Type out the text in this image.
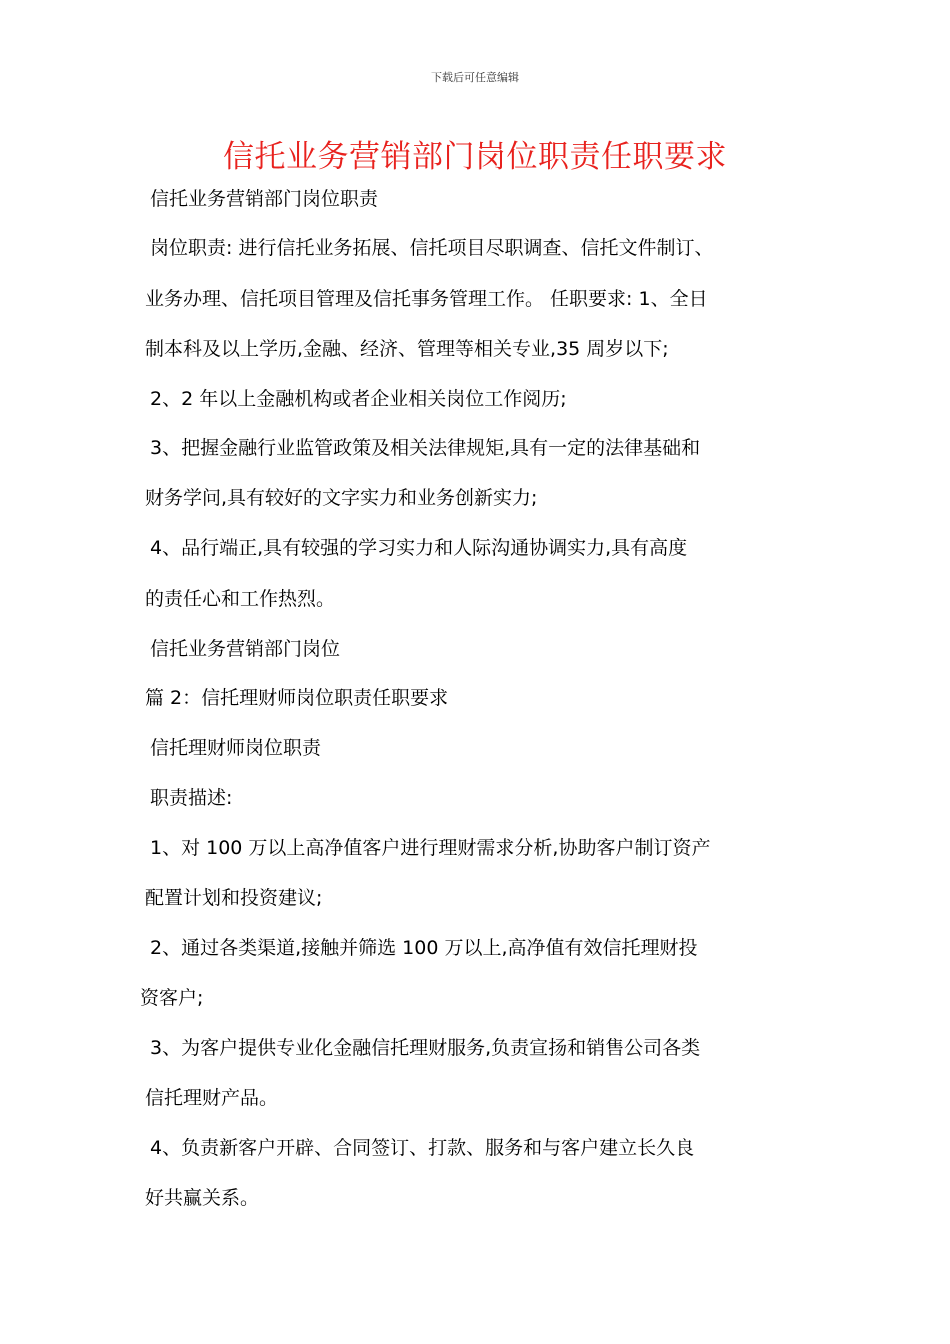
下载后可任意编辑
信托业务营销部门岗位职责任职要求
信托业务营销部门岗位职责
岗位职责: 进行信托业务拓展、信托项目尽职调查、信托文件制订、
业务办理、信托项目管理及信托事务管理工作。 任职要求: 1、全日
制本科及以上学历,金融、经济、管理等相关专业,35 周岁以下;
2、2 年以上金融机构或者企业相关岗位工作阅历;
3、把握金融行业监管政策及相关法律规矩,具有一定的法律基础和
财务学问,具有较好的文字实力和业务创新实力;
4、品行端正,具有较强的学习实力和人际沟通协调实力,具有高度
的责任心和工作热烈。
信托业务营销部门岗位
篇 2：信托理财师岗位职责任职要求
信托理财师岗位职责
职责描述:
1、对 100 万以上高净值客户进行理财需求分析,协助客户制订资产
配置计划和投资建议;
2、通过各类渠道,接触并筛选 100 万以上,高净值有效信托理财投
资客户;
3、为客户提供专业化金融信托理财服务,负责宣扬和销售公司各类
信托理财产品。
4、负责新客户开辟、合同签订、打款、服务和与客户建立长久良
好共赢关系。
